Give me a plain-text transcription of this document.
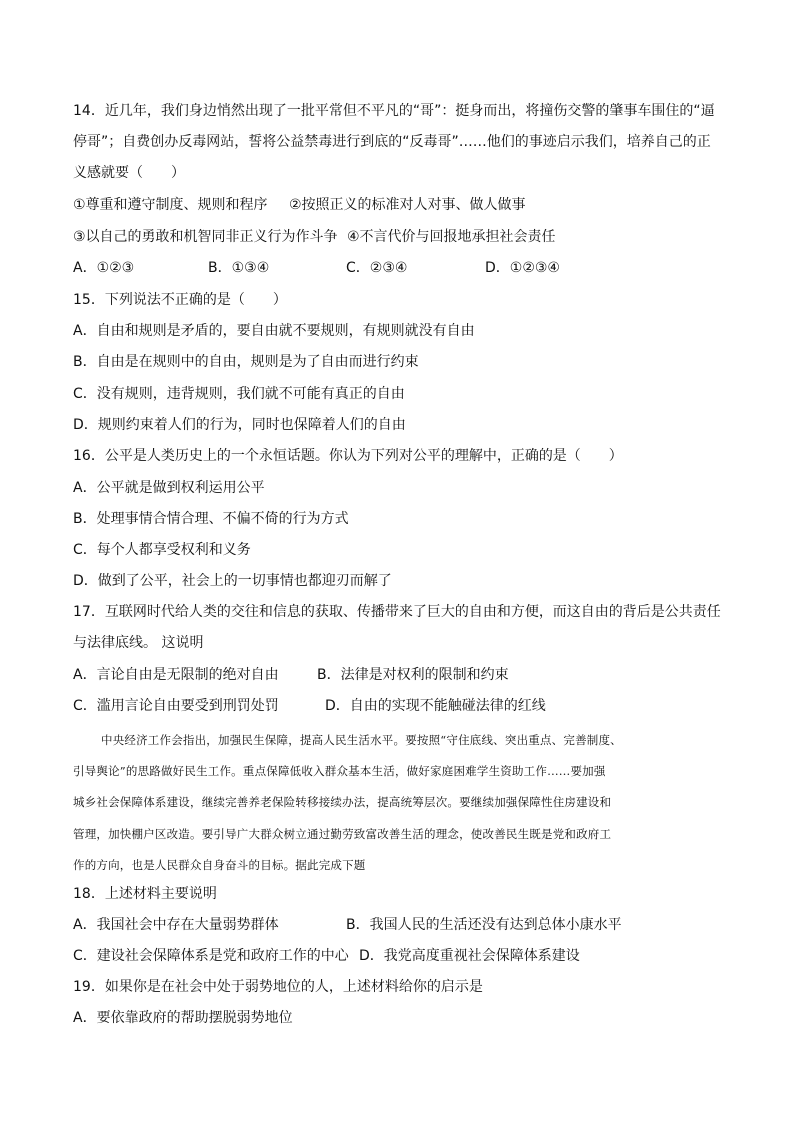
14．近几年，我们身边悄然出现了一批平常但不平凡的“哥”：挺身而出，将撞伤交警的肇事车围住的“逼
停哥”；自费创办反毒网站，誓将公益禁毒进行到底的“反毒哥”……他们的事迹启示我们，培养自己的正
义感就要（　　）
①尊重和遵守制度、规则和程序 ②按照正义的标准对人对事、做人做事
③以自己的勇敢和机智同非正义行为作斗争 ④不言代价与回报地承担社会责任
A．①②③	B．①③④	C．②③④	D．①②③④
15．下列说法不正确的是（　　）
A．自由和规则是矛盾的，要自由就不要规则，有规则就没有自由
B．自由是在规则中的自由，规则是为了自由而进行约束
C．没有规则，违背规则，我们就不可能有真正的自由
D．规则约束着人们的行为，同时也保障着人们的自由
16．公平是人类历史上的一个永恒话题。你认为下列对公平的理解中，正确的是（　　）
A．公平就是做到权利运用公平
B．处理事情合情合理、不偏不倚的行为方式
C．每个人都享受权利和义务
D．做到了公平，社会上的一切事情也都迎刃而解了
17．互联网时代给人类的交往和信息的获取、传播带来了巨大的自由和方便，而这自由的背后是公共责任
与法律底线。 这说明
A．言论自由是无限制的绝对自由	B．法律是对权利的限制和约束
C．滥用言论自由要受到刑罚处罚	D．自由的实现不能触碰法律的红线
中央经济工作会指出，加强民生保障，提高人民生活水平。要按照“守住底线、突出重点、完善制度、
引导舆论”的思路做好民生工作。重点保障低收入群众基本生活，做好家庭困难学生资助工作……要加强
城乡社会保障体系建设，继续完善养老保险转移接续办法，提高统筹层次。要继续加强保障性住房建设和
管理，加快棚户区改造。要引导广大群众树立通过勤劳致富改善生活的理念，使改善民生既是党和政府工
作的方向，也是人民群众自身奋斗的目标。据此完成下题
18．上述材料主要说明
A．我国社会中存在大量弱势群体	B．我国人民的生活还没有达到总体小康水平
C．建设社会保障体系是党和政府工作的中心 D．我党高度重视社会保障体系建设
19．如果你是在社会中处于弱势地位的人，上述材料给你的启示是
A．要依靠政府的帮助摆脱弱势地位
